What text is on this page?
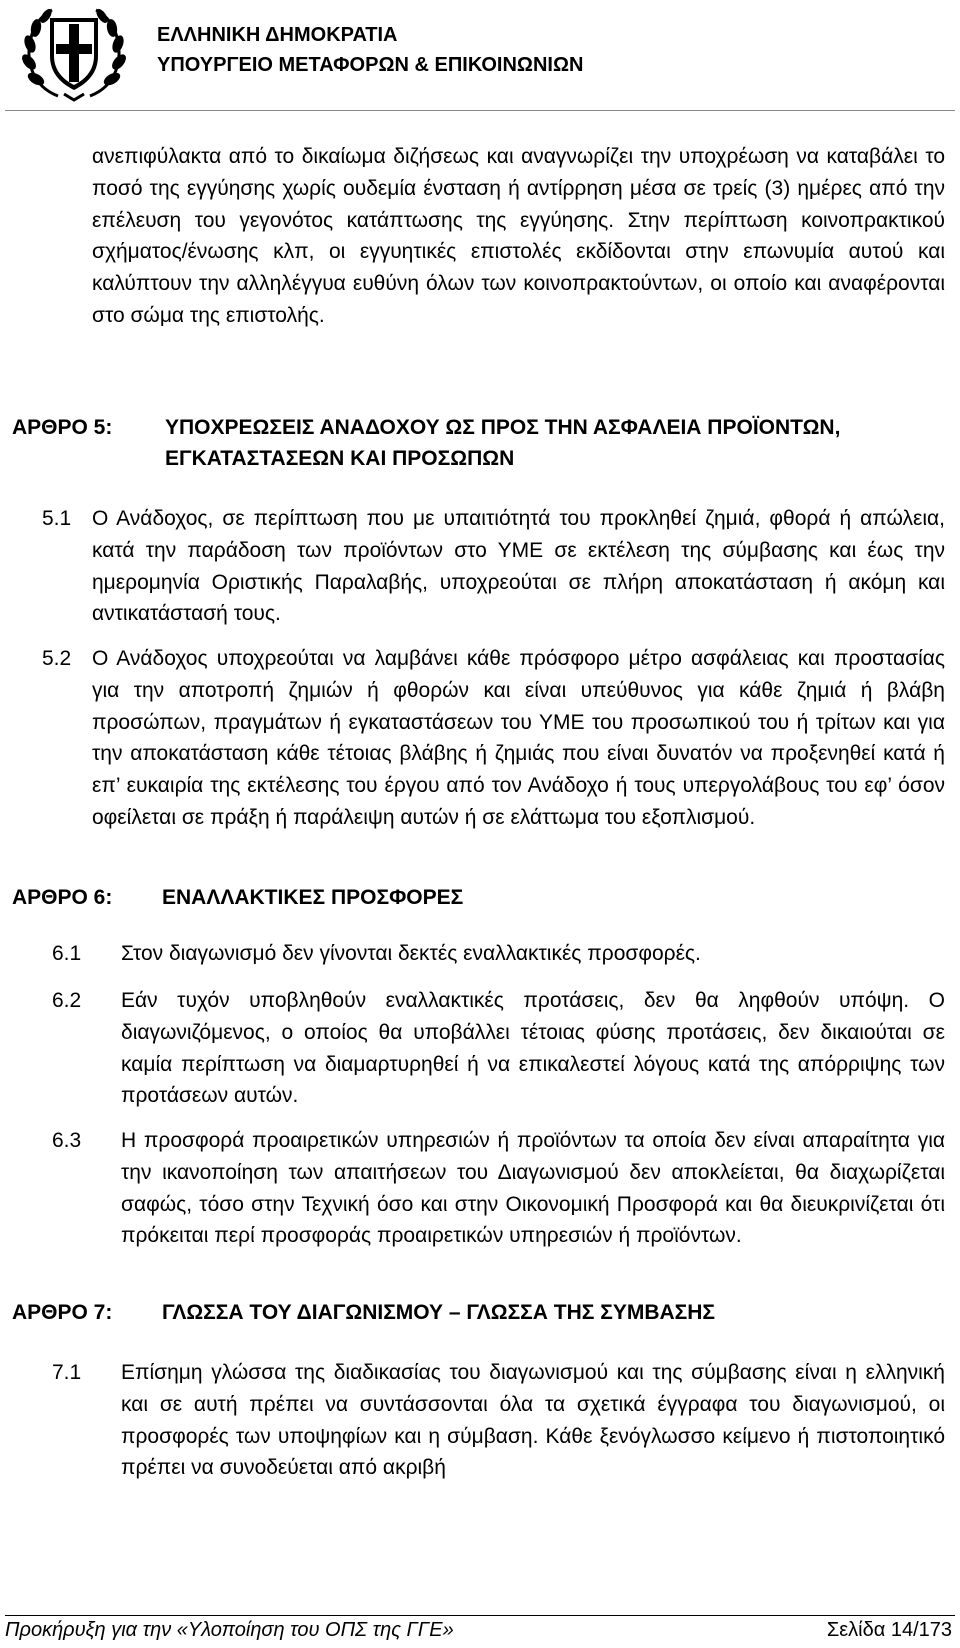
ΕΛΛΗΝΙΚΗ ΔΗΜΟΚΡΑΤΙΑ
ΥΠΟΥΡΓΕΙΟ ΜΕΤΑΦΟΡΩΝ & ΕΠΙΚΟΙΝΩΝΙΩΝ
ανεπιφύλακτα από το δικαίωμα διζήσεως και αναγνωρίζει την υποχρέωση να καταβάλει το ποσό της εγγύησης χωρίς ουδεμία ένσταση ή αντίρρηση μέσα σε τρείς (3) ημέρες από την επέλευση του γεγονότος κατάπτωσης της εγγύησης. Στην περίπτωση κοινοπρακτικού σχήματος/ένωσης κλπ, οι εγγυητικές επιστολές εκδίδονται στην επωνυμία αυτού και καλύπτουν την αλληλέγγυα ευθύνη όλων των κοινοπρακτούντων, οι οποίο και αναφέρονται στο σώμα της επιστολής.
ΑΡΘΡΟ 5:	ΥΠΟΧΡΕΩΣΕΙΣ ΑΝΑΔΟΧΟΥ ΩΣ ΠΡΟΣ ΤΗΝ ΑΣΦΑΛΕΙΑ ΠΡΟΪΟΝΤΩΝ, ΕΓΚΑΤΑΣΤΑΣΕΩΝ ΚΑΙ ΠΡΟΣΩΠΩΝ
5.1 Ο Ανάδοχος, σε περίπτωση που με υπαιτιότητά του προκληθεί ζημιά, φθορά ή απώλεια, κατά την παράδοση των προϊόντων στο ΥΜΕ σε εκτέλεση της σύμβασης και έως την ημερομηνία Οριστικής Παραλαβής, υποχρεούται σε πλήρη αποκατάσταση ή ακόμη και αντικατάστασή τους.
5.2 Ο Ανάδοχος υποχρεούται να λαμβάνει κάθε πρόσφορο μέτρο ασφάλειας και προστασίας για την αποτροπή ζημιών ή φθορών και είναι υπεύθυνος για κάθε ζημιά ή βλάβη προσώπων, πραγμάτων ή εγκαταστάσεων του ΥΜΕ του προσωπικού του ή τρίτων και για την αποκατάσταση κάθε τέτοιας βλάβης ή ζημιάς που είναι δυνατόν να προξενηθεί κατά ή επ’ ευκαιρία της εκτέλεσης του έργου από τον Ανάδοχο ή τους υπεργολάβους του εφ’ όσον οφείλεται σε πράξη ή παράλειψη αυτών ή σε ελάττωμα του εξοπλισμού.
ΑΡΘΡΟ 6: ΕΝΑΛΛΑΚΤΙΚΕΣ ΠΡΟΣΦΟΡΕΣ
6.1 Στον διαγωνισμό δεν γίνονται δεκτές εναλλακτικές προσφορές.
6.2 Εάν τυχόν υποβληθούν εναλλακτικές προτάσεις, δεν θα ληφθούν υπόψη. Ο διαγωνιζόμενος, ο οποίος θα υποβάλλει τέτοιας φύσης προτάσεις, δεν δικαιούται σε καμία περίπτωση να διαμαρτυρηθεί ή να επικαλεστεί λόγους κατά της απόρριψης των προτάσεων αυτών.
6.3 Η προσφορά προαιρετικών υπηρεσιών ή προϊόντων τα οποία δεν είναι απαραίτητα για την ικανοποίηση των απαιτήσεων του Διαγωνισμού δεν αποκλείεται, θα διαχωρίζεται σαφώς, τόσο στην Τεχνική όσο και στην Οικονομική Προσφορά και θα διευκρινίζεται ότι πρόκειται περί προσφοράς προαιρετικών υπηρεσιών ή προϊόντων.
ΑΡΘΡΟ 7: ΓΛΩΣΣΑ ΤΟΥ ΔΙΑΓΩΝΙΣΜΟΥ – ΓΛΩΣΣΑ ΤΗΣ ΣΥΜΒΑΣΗΣ
7.1 Επίσημη γλώσσα της διαδικασίας του διαγωνισμού και της σύμβασης είναι η ελληνική και σε αυτή πρέπει να συντάσσονται όλα τα σχετικά έγγραφα του διαγωνισμού, οι προσφορές των υποψηφίων και η σύμβαση. Κάθε ξενόγλωσσο κείμενο ή πιστοποιητικό πρέπει να συνοδεύεται από ακριβή
Προκήρυξη για την «Υλοποίηση του ΟΠΣ της ΓΓΕ»	Σελίδα 14/173
